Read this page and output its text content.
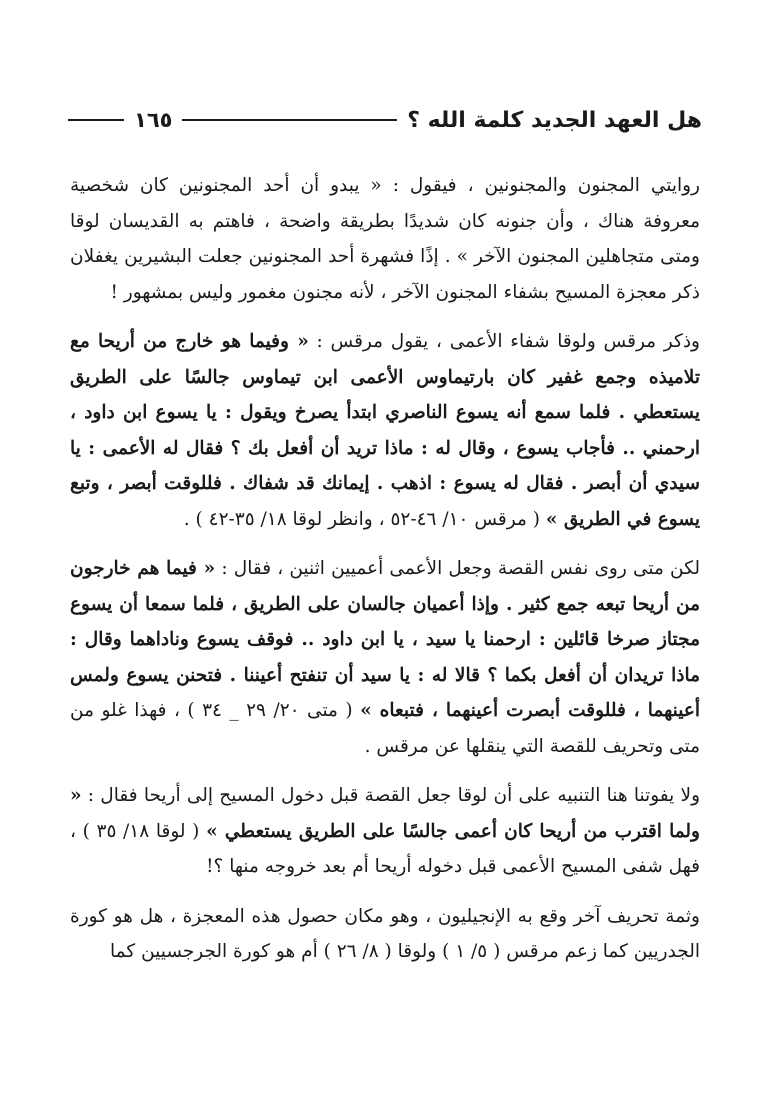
هل العهد الجديد كلمة الله ؟
١٦٥

روايتي المجنون والمجنونين ، فيقول : « يبدو أن أحد المجنونين كان شخصية معروفة هناك ، وأن جنونه كان شديدًا بطريقة واضحة ، فاهتم به القديسان لوقا ومتى متجاهلين المجنون الآخر » . إذًا فشهرة أحد المجنونين جعلت البشيرين يغفلان ذكر معجزة المسيح بشفاء المجنون الآخر ، لأنه مجنون مغمور وليس بمشهور !

وذكر مرقس ولوقا شفاء الأعمى ، يقول مرقس : « وفيما هو خارج من أريحا مع تلاميذه وجمع غفير كان بارتيماوس الأعمى ابن تيماوس جالسًا على الطريق يستعطي . فلما سمع أنه يسوع الناصري ابتدأ يصرخ ويقول : يا يسوع ابن داود ، ارحمني .. فأجاب يسوع ، وقال له : ماذا تريد أن أفعل بك ؟ فقال له الأعمى : يا سيدي أن أبصر . فقال له يسوع : اذهب . إيمانك قد شفاك . فللوقت أبصر ، وتبع يسوع في الطريق » ( مرقس ١٠/ ٤٦-٥٢ ، وانظر لوقا ١٨/ ٣٥-٤٢ ) .

لكن متى روى نفس القصة وجعل الأعمى أعميين اثنين ، فقال : « فيما هم خارجون من أريحا تبعه جمع كثير . وإذا أعميان جالسان على الطريق ، فلما سمعا أن يسوع مجتاز صرخا قائلين : ارحمنا يا سيد ، يا ابن داود .. فوقف يسوع وناداهما وقال : ماذا تريدان أن أفعل بكما ؟ قالا له : يا سيد أن تنفتح أعيننا . فتحنن يسوع ولمس أعينهما ، فللوقت أبصرت أعينهما ، فتبعاه » ( متى ٢٠/ ٢٩ _ ٣٤ ) ، فهذا غلو من متى وتحريف للقصة التي ينقلها عن مرقس .

ولا يفوتنا هنا التنبيه على أن لوقا جعل القصة قبل دخول المسيح إلى أريحا فقال : « ولما اقترب من أريحا كان أعمى جالسًا على الطريق يستعطي » ( لوقا ١٨/ ٣٥ ) ، فهل شفى المسيح الأعمى قبل دخوله أريحا أم بعد خروجه منها ؟!

وثمة تحريف آخر وقع به الإنجيليون ، وهو مكان حصول هذه المعجزة ، هل هو كورة الجدريين كما زعم مرقس ( ٥/ ١ ) ولوقا ( ٨/ ٢٦ ) أم هو كورة الجرجسيين كما
